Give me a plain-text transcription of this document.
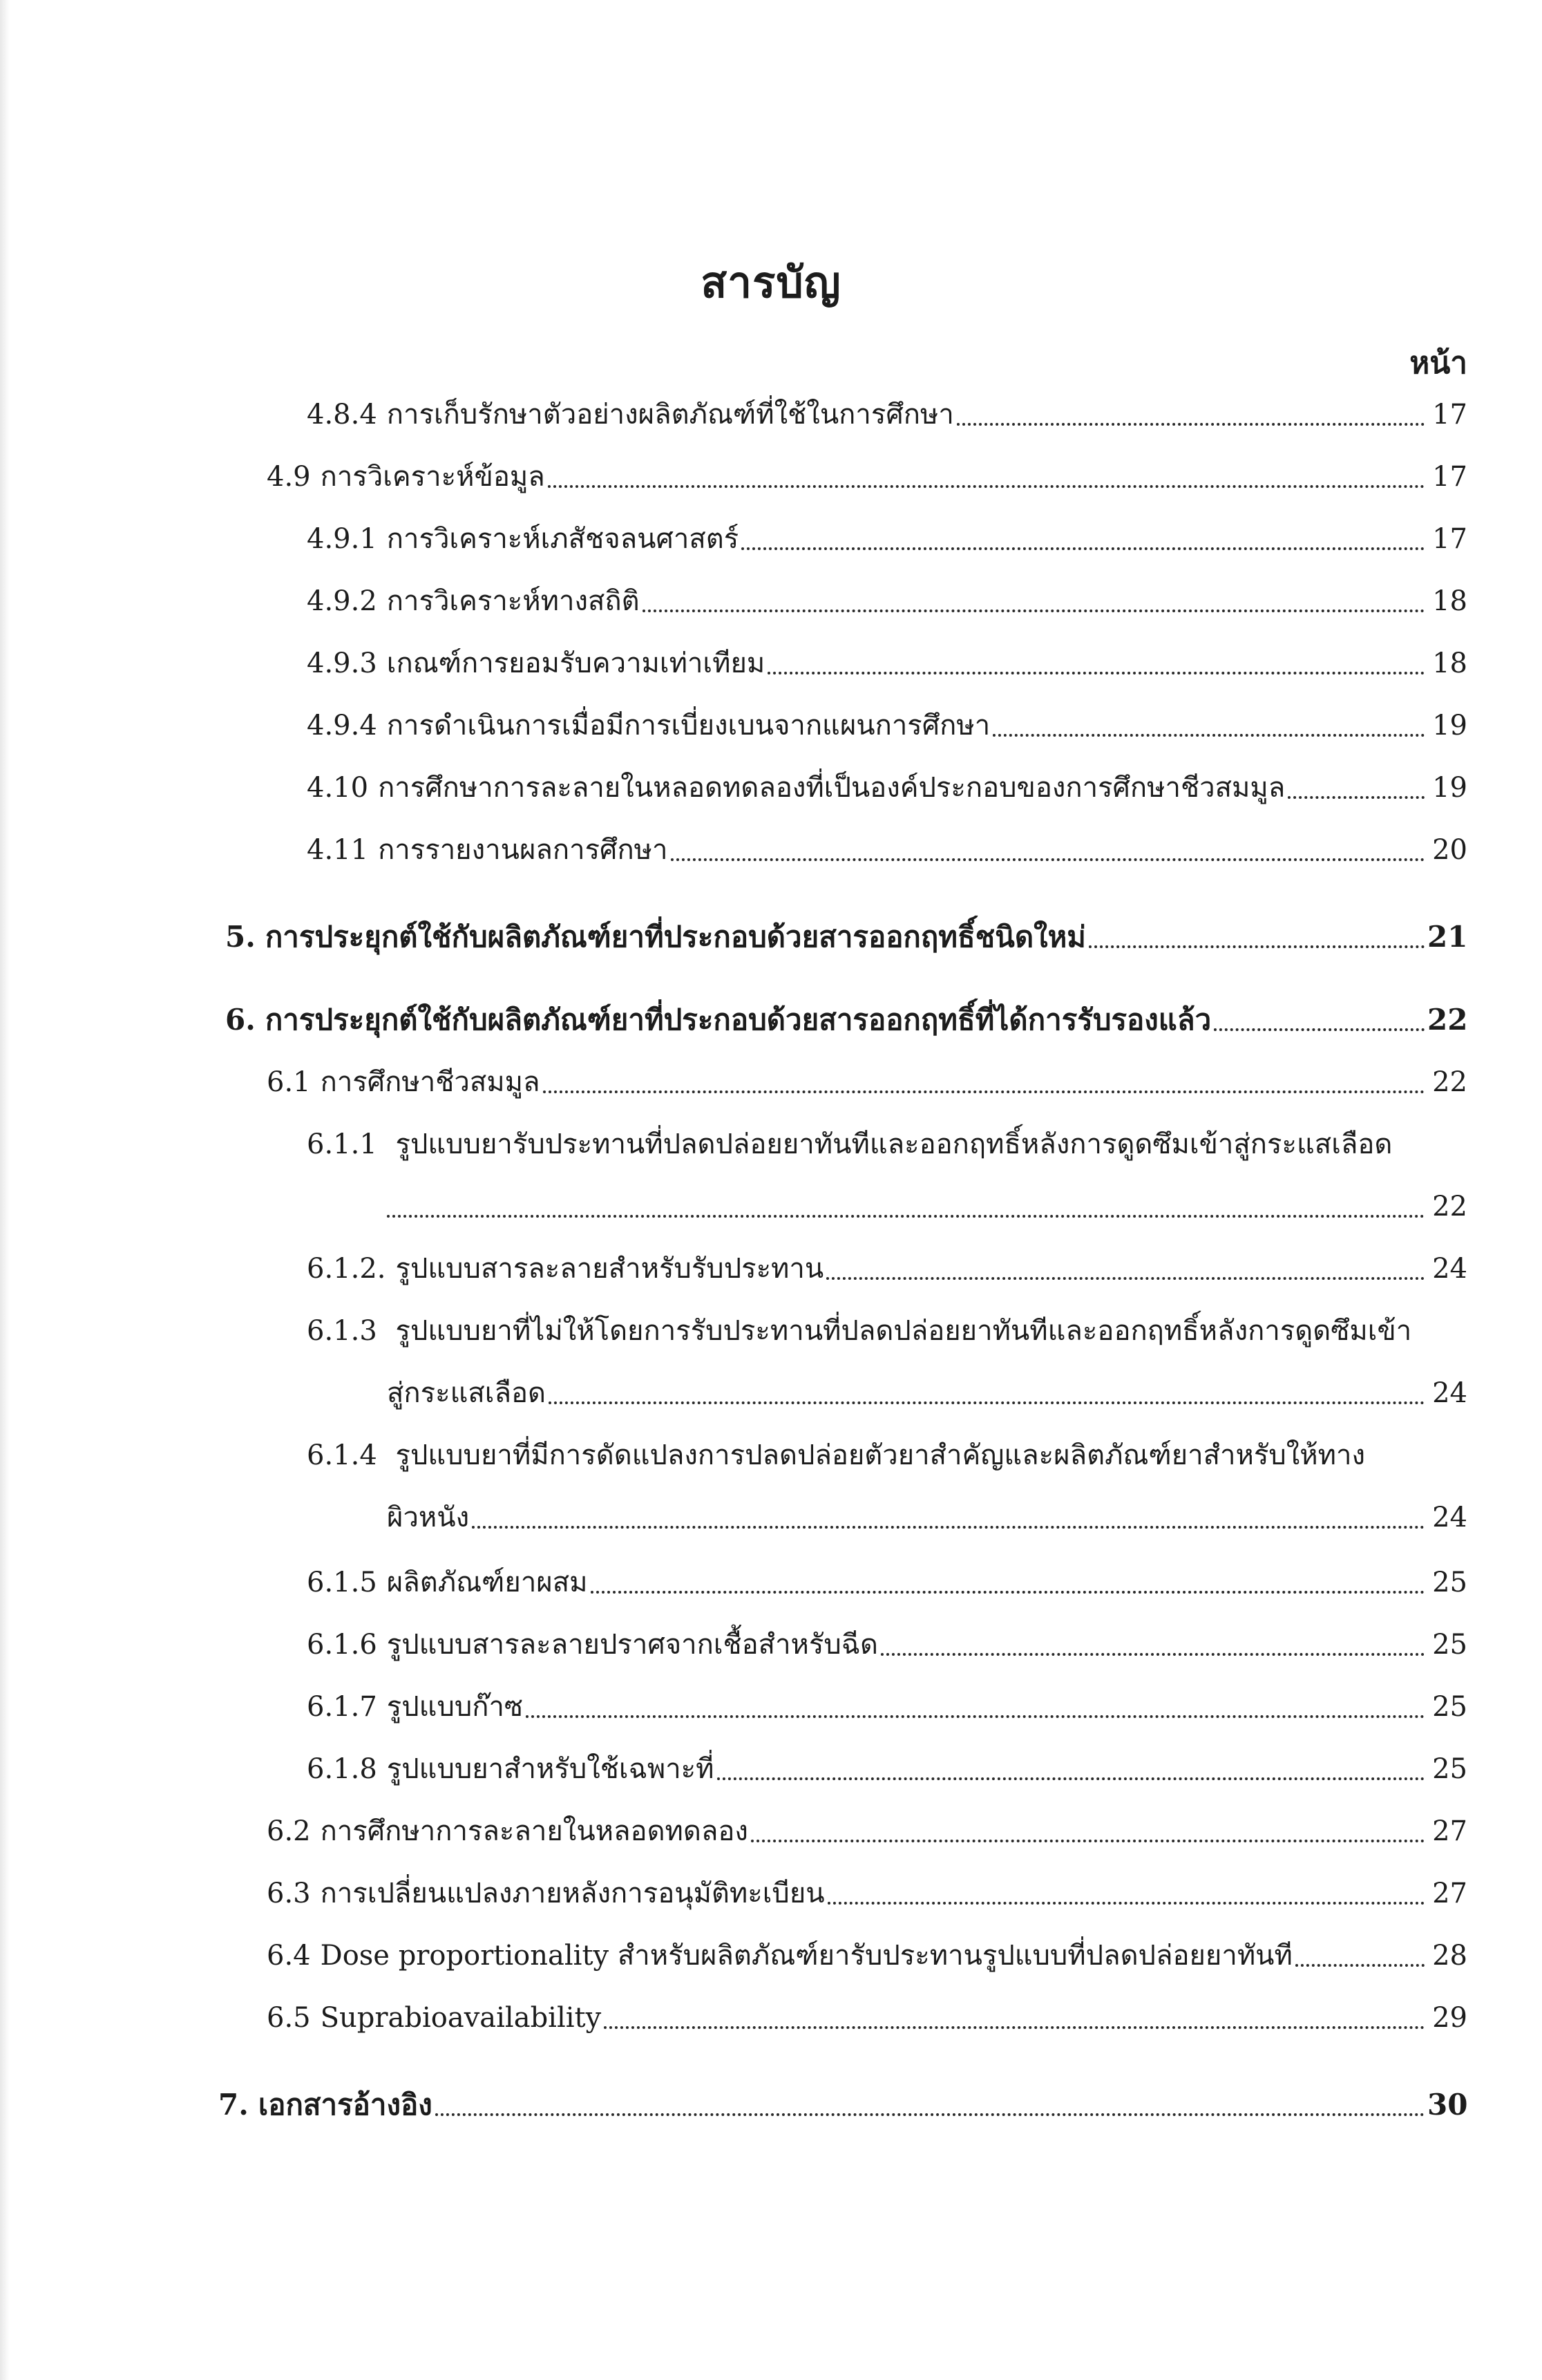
สารบัญ
หน้า
4.8.4 การเก็บรักษาตัวอย่างผลิตภัณฑ์ที่ใช้ในการศึกษา	17
4.9 การวิเคราะห์ข้อมูล	17
4.9.1 การวิเคราะห์เภสัชจลนศาสตร์	17
4.9.2 การวิเคราะห์ทางสถิติ	18
4.9.3 เกณฑ์การยอมรับความเท่าเทียม	18
4.9.4 การดำเนินการเมื่อมีการเบี่ยงเบนจากแผนการศึกษา	19
4.10 การศึกษาการละลายในหลอดทดลองที่เป็นองค์ประกอบของการศึกษาชีวสมมูล	19
4.11 การรายงานผลการศึกษา	20
5. การประยุกต์ใช้กับผลิตภัณฑ์ยาที่ประกอบด้วยสารออกฤทธิ์ชนิดใหม่	21
6. การประยุกต์ใช้กับผลิตภัณฑ์ยาที่ประกอบด้วยสารออกฤทธิ์ที่ได้การรับรองแล้ว	22
6.1 การศึกษาชีวสมมูล	22
6.1.1 รูปแบบยารับประทานที่ปลดปล่อยยาทันทีและออกฤทธิ์หลังการดูดซึมเข้าสู่กระแสเลือด
22
6.1.2. รูปแบบสารละลายสำหรับรับประทาน	24
6.1.3 รูปแบบยาที่ไม่ให้โดยการรับประทานที่ปลดปล่อยยาทันทีและออกฤทธิ์หลังการดูดซึมเข้า
สู่กระแสเลือด	24
6.1.4 รูปแบบยาที่มีการดัดแปลงการปลดปล่อยตัวยาสำคัญและผลิตภัณฑ์ยาสำหรับให้ทาง
ผิวหนัง	24
6.1.5 ผลิตภัณฑ์ยาผสม	25
6.1.6 รูปแบบสารละลายปราศจากเชื้อสำหรับฉีด	25
6.1.7 รูปแบบก๊าซ	25
6.1.8 รูปแบบยาสำหรับใช้เฉพาะที่	25
6.2 การศึกษาการละลายในหลอดทดลอง	27
6.3 การเปลี่ยนแปลงภายหลังการอนุมัติทะเบียน	27
6.4 Dose proportionality สำหรับผลิตภัณฑ์ยารับประทานรูปแบบที่ปลดปล่อยยาทันที	28
6.5 Suprabioavailability	29
7. เอกสารอ้างอิง	30
